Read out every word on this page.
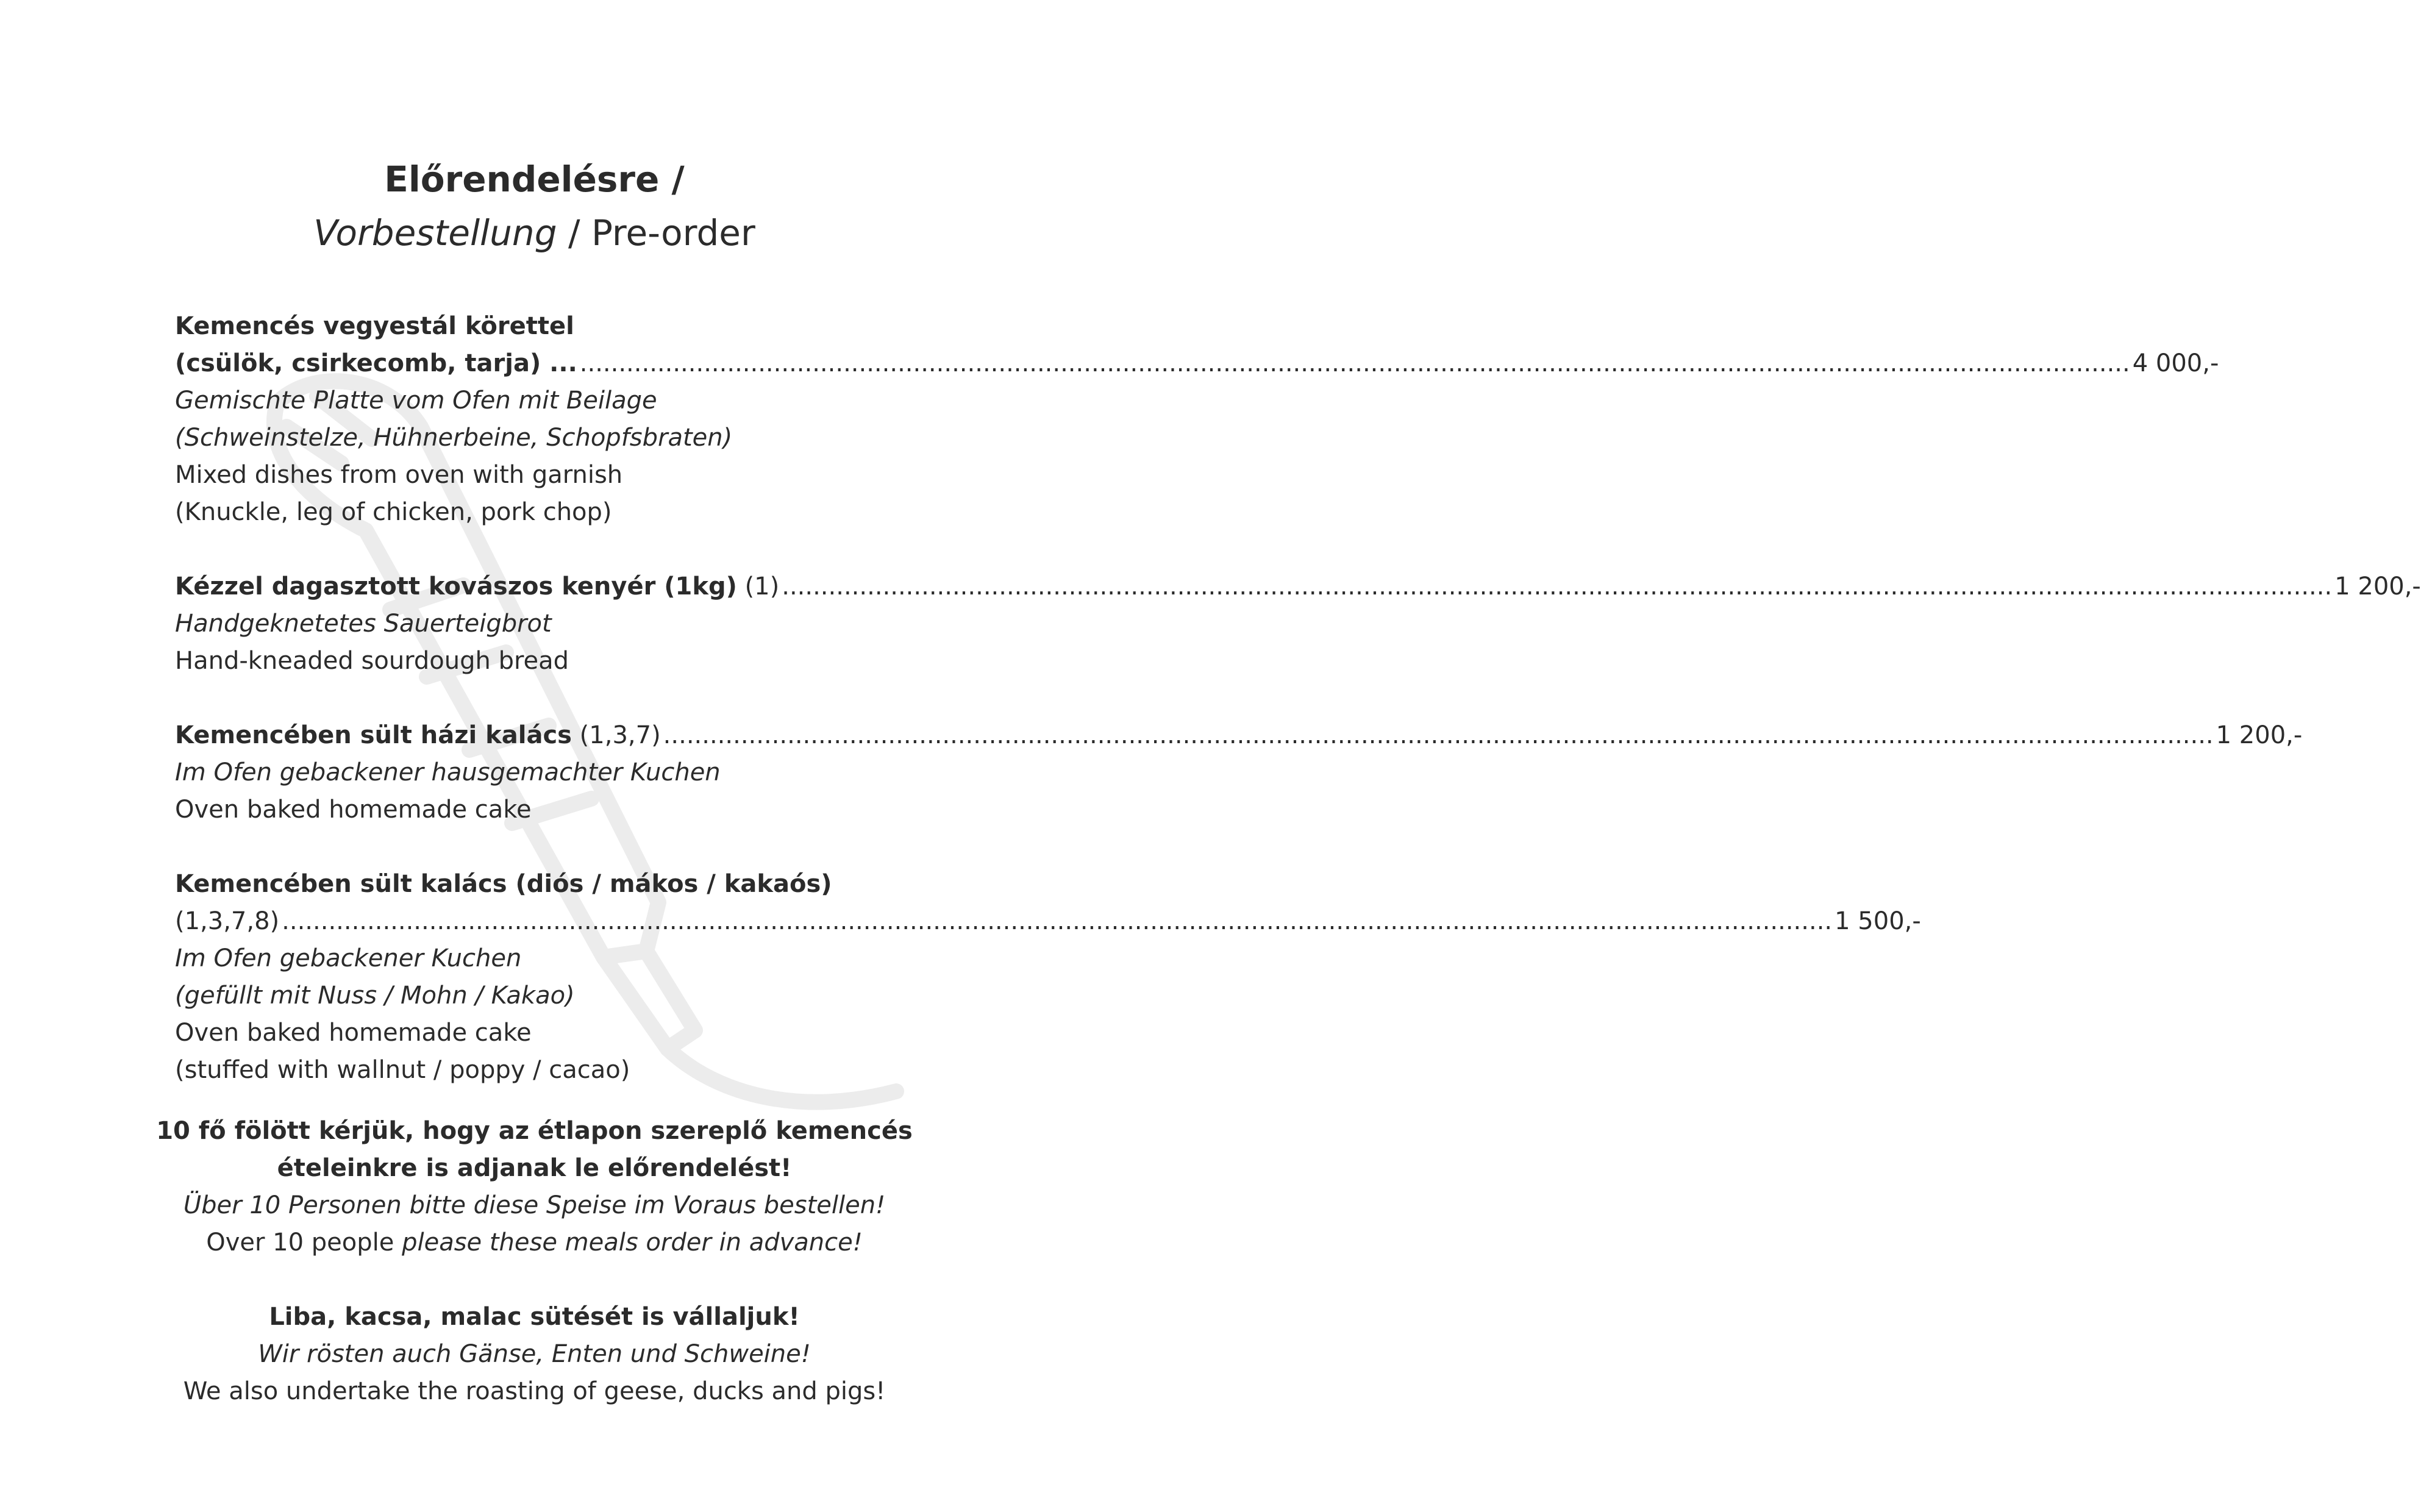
Előrendelésre /
Vorbestellung / Pre-order
Kemencés vegyestál körettel
(csülök, csirkecomb, tarja) ... ........................................................................................................................................................................................................ 4 000,-
Gemischte Platte vom Ofen mit Beilage
(Schweinstelze, Hühnerbeine, Schopfsbraten)
Mixed dishes from oven with garnish
(Knuckle, leg of chicken, pork chop)
Kézzel dagasztott kovászos kenyér (1kg) (1) ........................................................................................................................................................................................................ 1 200,-
Handgeknetetes Sauerteigbrot
Hand-kneaded sourdough bread
Kemencében sült házi kalács (1,3,7) ........................................................................................................................................................................................................ 1 200,-
Im Ofen gebackener hausgemachter Kuchen
Oven baked homemade cake
Kemencében sült kalács (diós / mákos / kakaós)
(1,3,7,8) ........................................................................................................................................................................................................ 1 500,-
Im Ofen gebackener Kuchen
(gefüllt mit Nuss / Mohn / Kakao)
Oven baked homemade cake
(stuffed with wallnut / poppy / cacao)
10 fő fölött kérjük, hogy az étlapon szereplő kemencés
ételeinkre is adjanak le előrendelést!
Über 10 Personen bitte diese Speise im Voraus bestellen!
Over 10 people please these meals order in advance!
Liba, kacsa, malac sütését is vállaljuk!
Wir rösten auch Gänse, Enten und Schweine!
We also undertake the roasting of geese, ducks and pigs!
